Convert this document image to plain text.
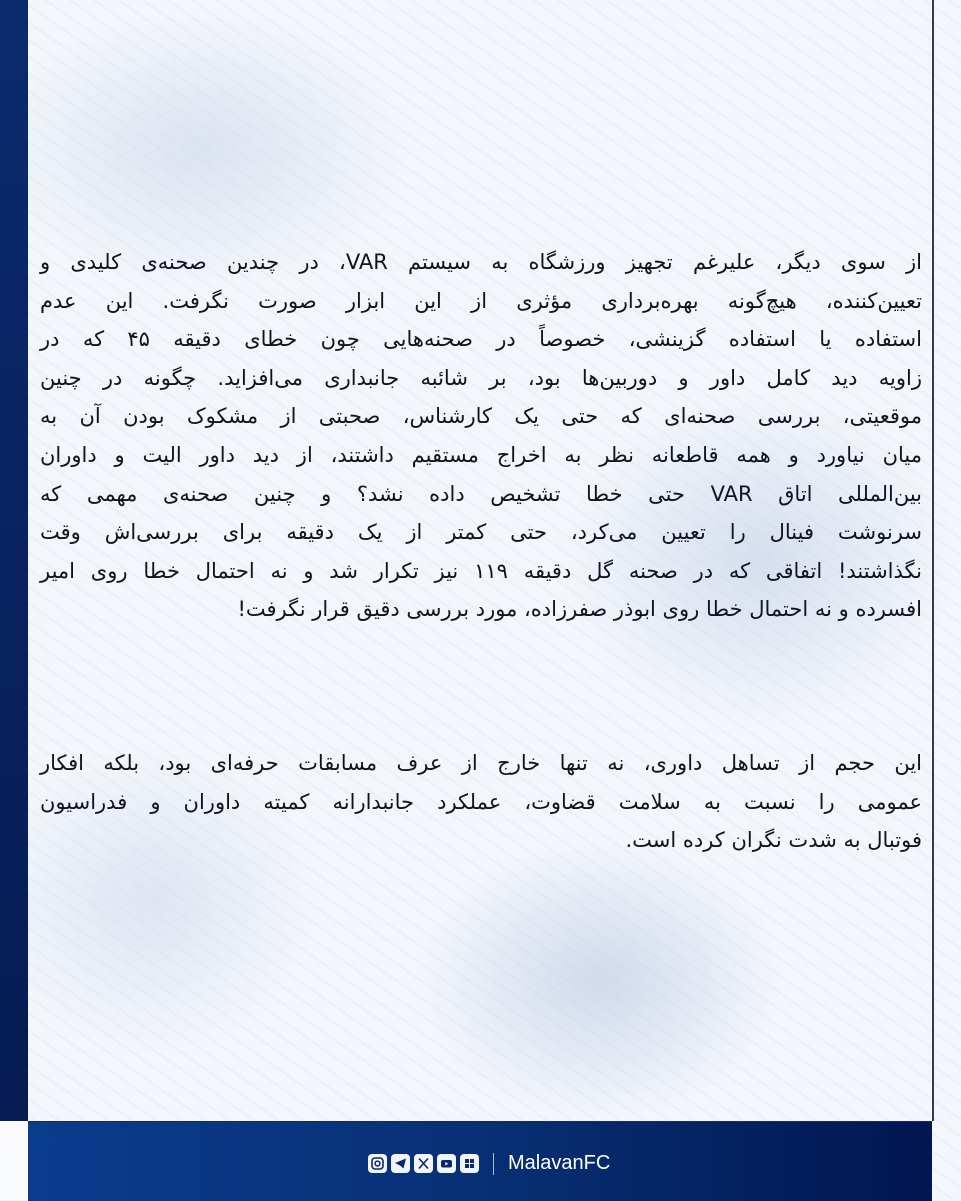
از سوی دیگر، علیرغم تجهیز ورزشگاه به سیستم VAR، در چندین صحنه‌ی کلیدی و
تعیین‌کننده، هیچ‌گونه بهره‌برداری مؤثری از این ابزار صورت نگرفت. این عدم
استفاده یا استفاده گزینشی، خصوصاً در صحنه‌هایی چون خطای دقیقه ۴۵ که در
زاویه دید کامل داور و دوربین‌ها بود، بر شائبه جانبداری می‌افزاید. چگونه در چنین
موقعیتی، بررسی صحنه‌ای که حتی یک کارشناس، صحبتی از مشکوک بودن آن به
میان نیاورد و همه قاطعانه نظر به اخراج مستقیم داشتند، از دید داور الیت و داوران
بین‌المللی اتاق VAR حتی خطا تشخیص داده نشد؟ و چنین صحنه‌ی مهمی که
سرنوشت فینال را تعیین می‌کرد، حتی کمتر از یک دقیقه برای بررسی‌اش وقت
نگذاشتند! اتفاقی که در صحنه گل دقیقه ۱۱۹ نیز تکرار شد و نه احتمال خطا روی امیر
افسرده و نه احتمال خطا روی ابوذر صفرزاده، مورد بررسی دقیق قرار نگرفت!
این حجم از تساهل داوری، نه تنها خارج از عرف مسابقات حرفه‌ای بود، بلکه افکار
عمومی را نسبت به سلامت قضاوت، عملکرد جانبدارانه کمیته داوران و فدراسیون
فوتبال به شدت نگران کرده است.
MalavanFC
